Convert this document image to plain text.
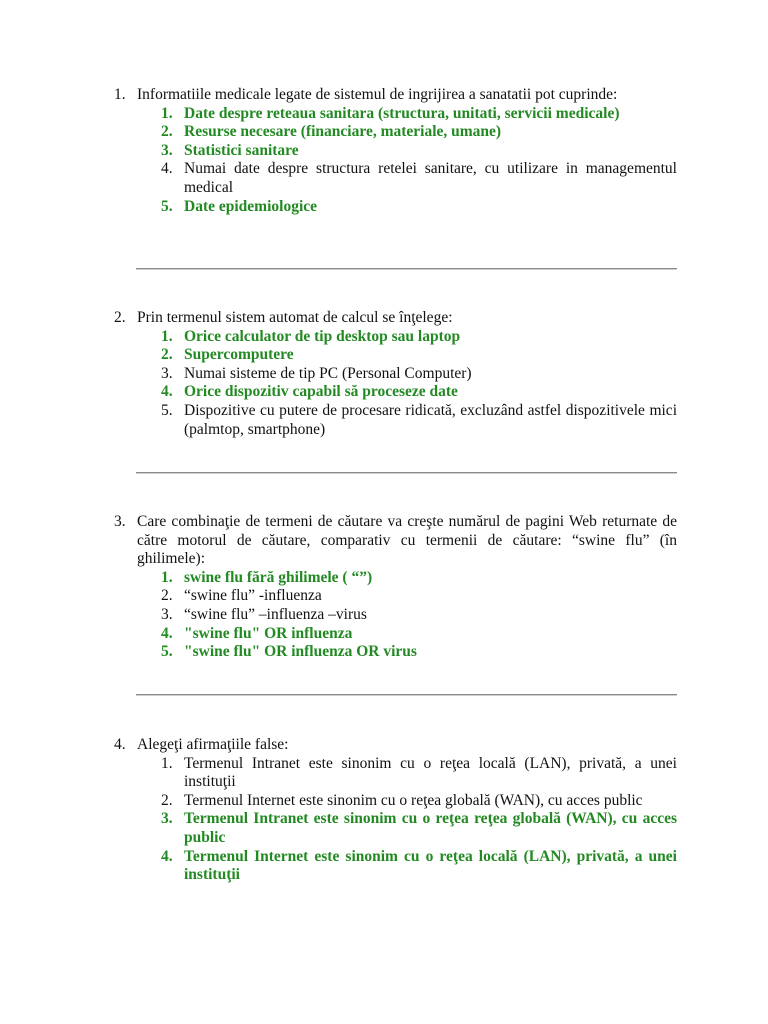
1. Informatiile medicale legate de sistemul de ingrijirea a sanatatii pot cuprinde:
1. Date despre reteaua sanitara (structura, unitati, servicii medicale)
2. Resurse necesare (financiare, materiale, umane)
3. Statistici sanitare
4. Numai date despre structura retelei sanitare, cu utilizare in managementul medical
5. Date epidemiologice
2. Prin termenul sistem automat de calcul se înţelege:
1. Orice calculator de tip desktop sau laptop
2. Supercomputere
3. Numai sisteme de tip PC (Personal Computer)
4. Orice dispozitiv capabil să proceseze date
5. Dispozitive cu putere de procesare ridicată, excluzând astfel dispozitivele mici (palmtop, smartphone)
3. Care combinaţie de termeni de căutare va creşte numărul de pagini Web returnate de către motorul de căutare, comparativ cu termenii de căutare: “swine flu” (în ghilimele):
1. swine flu fără ghilimele ( “”)
2. “swine flu” -influenza
3. “swine flu” –influenza –virus
4. "swine flu" OR influenza
5. "swine flu" OR influenza OR virus
4. Alegeţi afirmaţiile false:
1. Termenul Intranet este sinonim cu o reţea locală (LAN), privată, a unei instituţii
2. Termenul Internet este sinonim cu o reţea globală (WAN), cu acces public
3. Termenul Intranet este sinonim cu o reţea reţea globală (WAN), cu acces public
4. Termenul Internet este sinonim cu o reţea locală (LAN), privată, a unei instituţii
